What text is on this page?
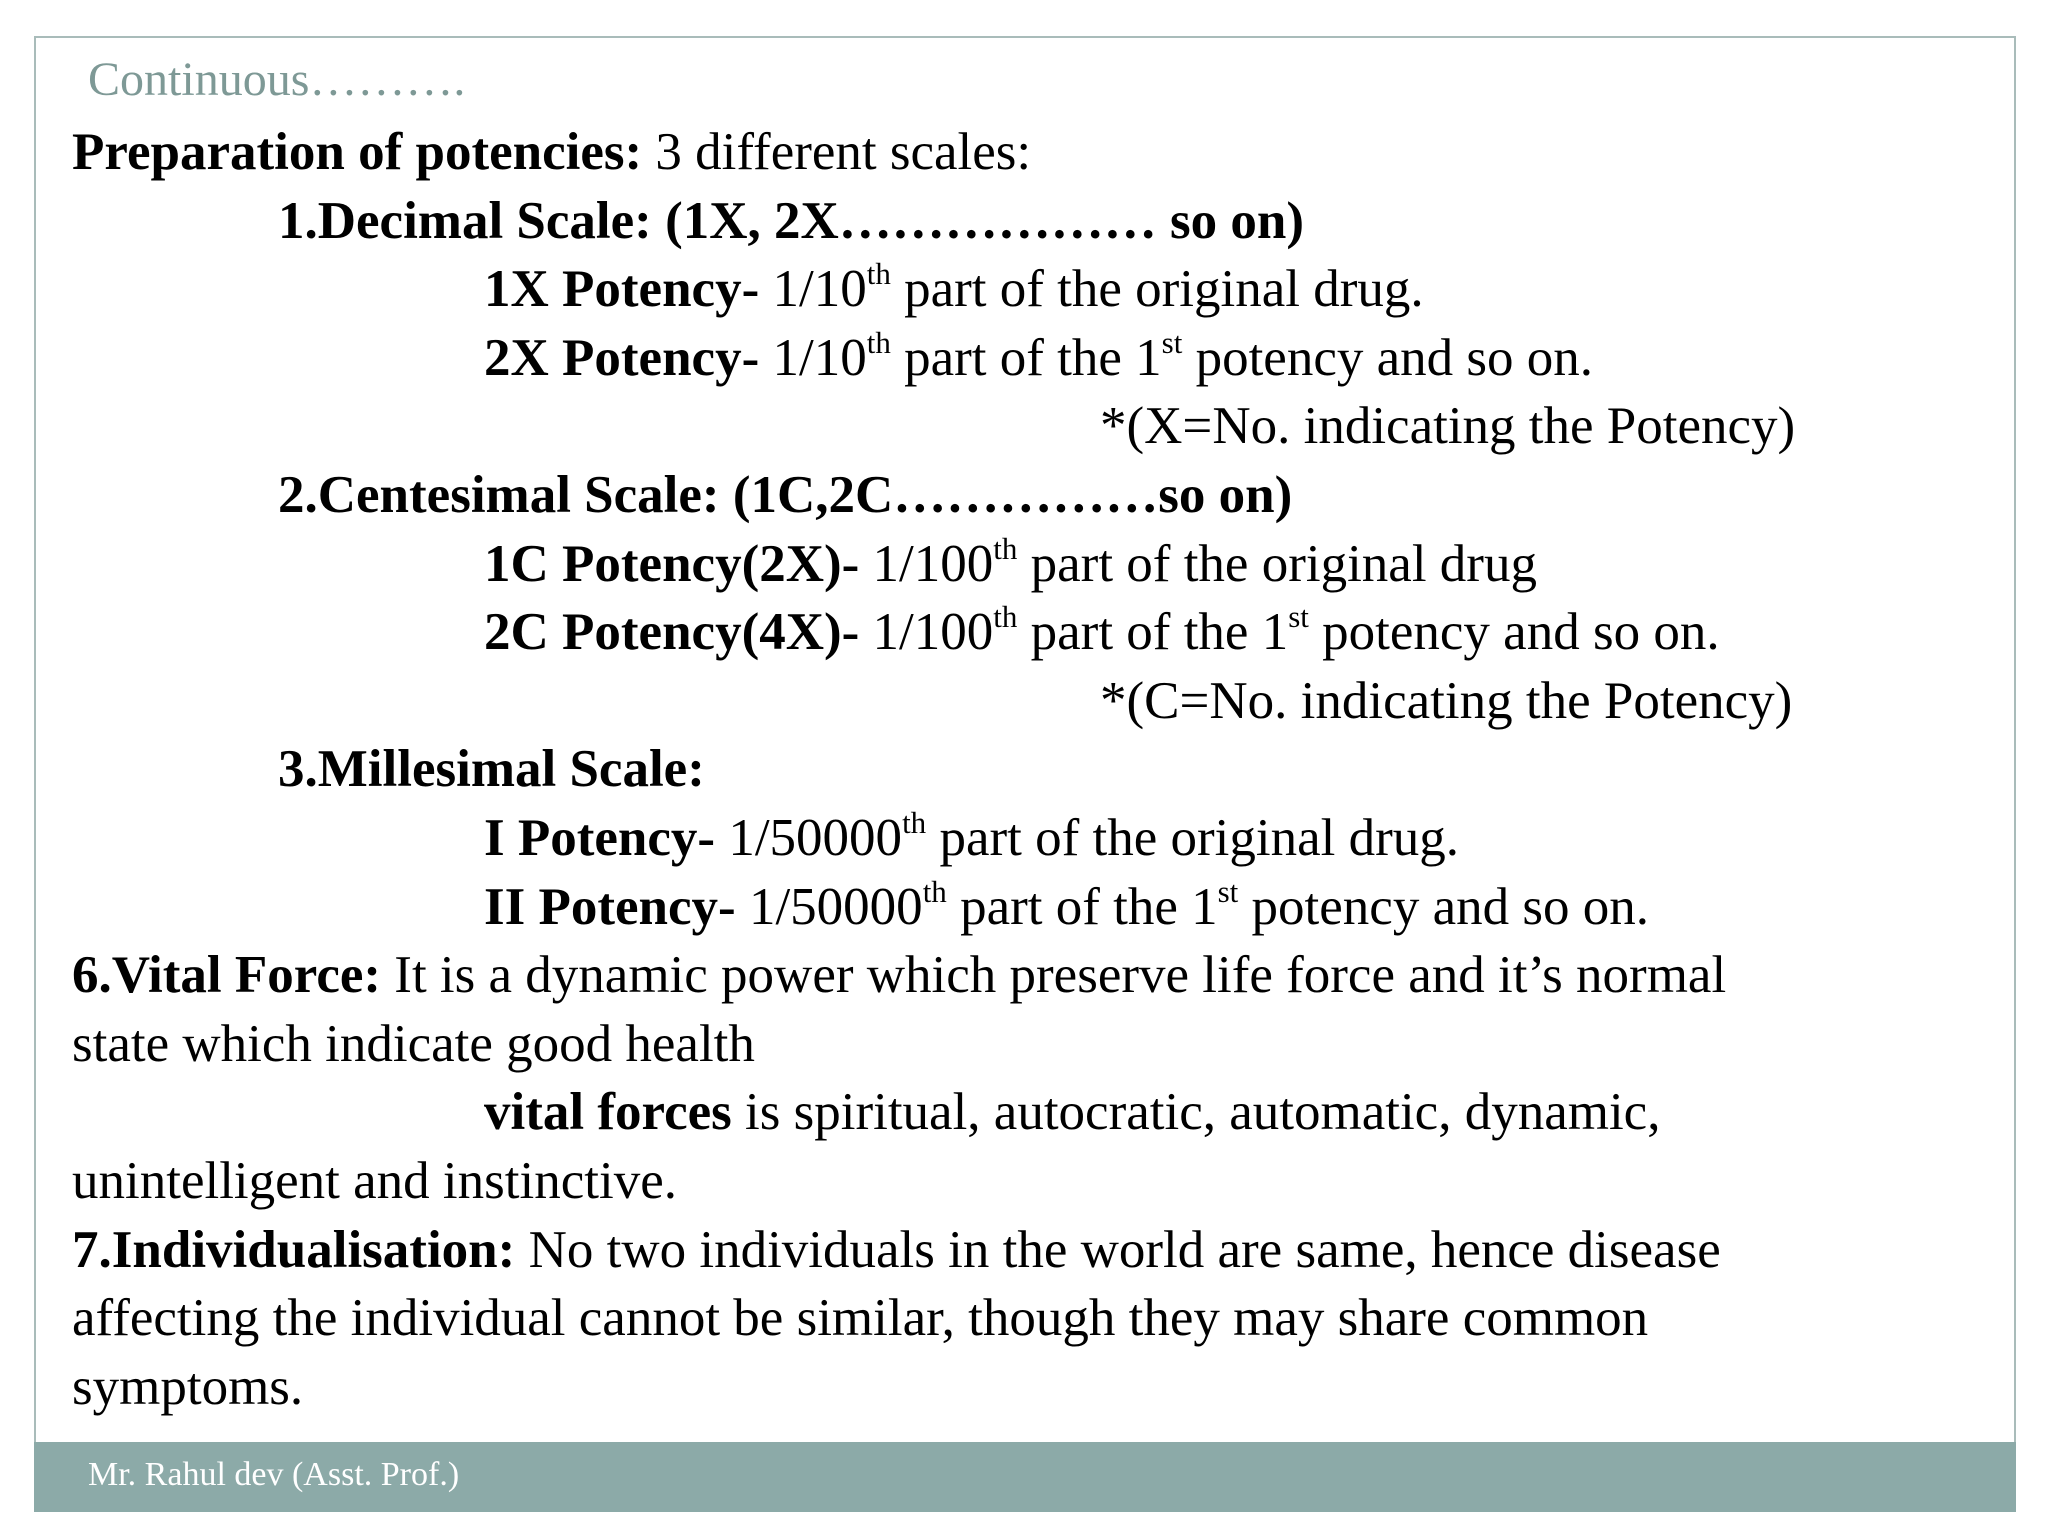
Continuous……….
Preparation of potencies: 3 different scales:
1.Decimal Scale: (1X, 2X……………… so on)
1X Potency- 1/10th part of the original drug.
2X Potency- 1/10th part of the 1st potency and so on.
*(X=No. indicating the Potency)
2.Centesimal Scale: (1C,2C……………so on)
1C Potency(2X)- 1/100th part of the original drug
2C Potency(4X)- 1/100th part of the 1st potency and so on.
*(C=No. indicating the Potency)
3.Millesimal Scale:
I Potency- 1/50000th part of the original drug.
II Potency- 1/50000th part of the 1st potency and so on.
6.Vital Force: It is a dynamic power which preserve life force and it’s normal
state which indicate good health
vital forces is spiritual, autocratic, automatic, dynamic,
unintelligent and instinctive.
7.Individualisation: No two individuals in the world are same, hence disease
affecting the individual cannot be similar, though they may share common
symptoms.
Mr. Rahul dev (Asst. Prof.)
